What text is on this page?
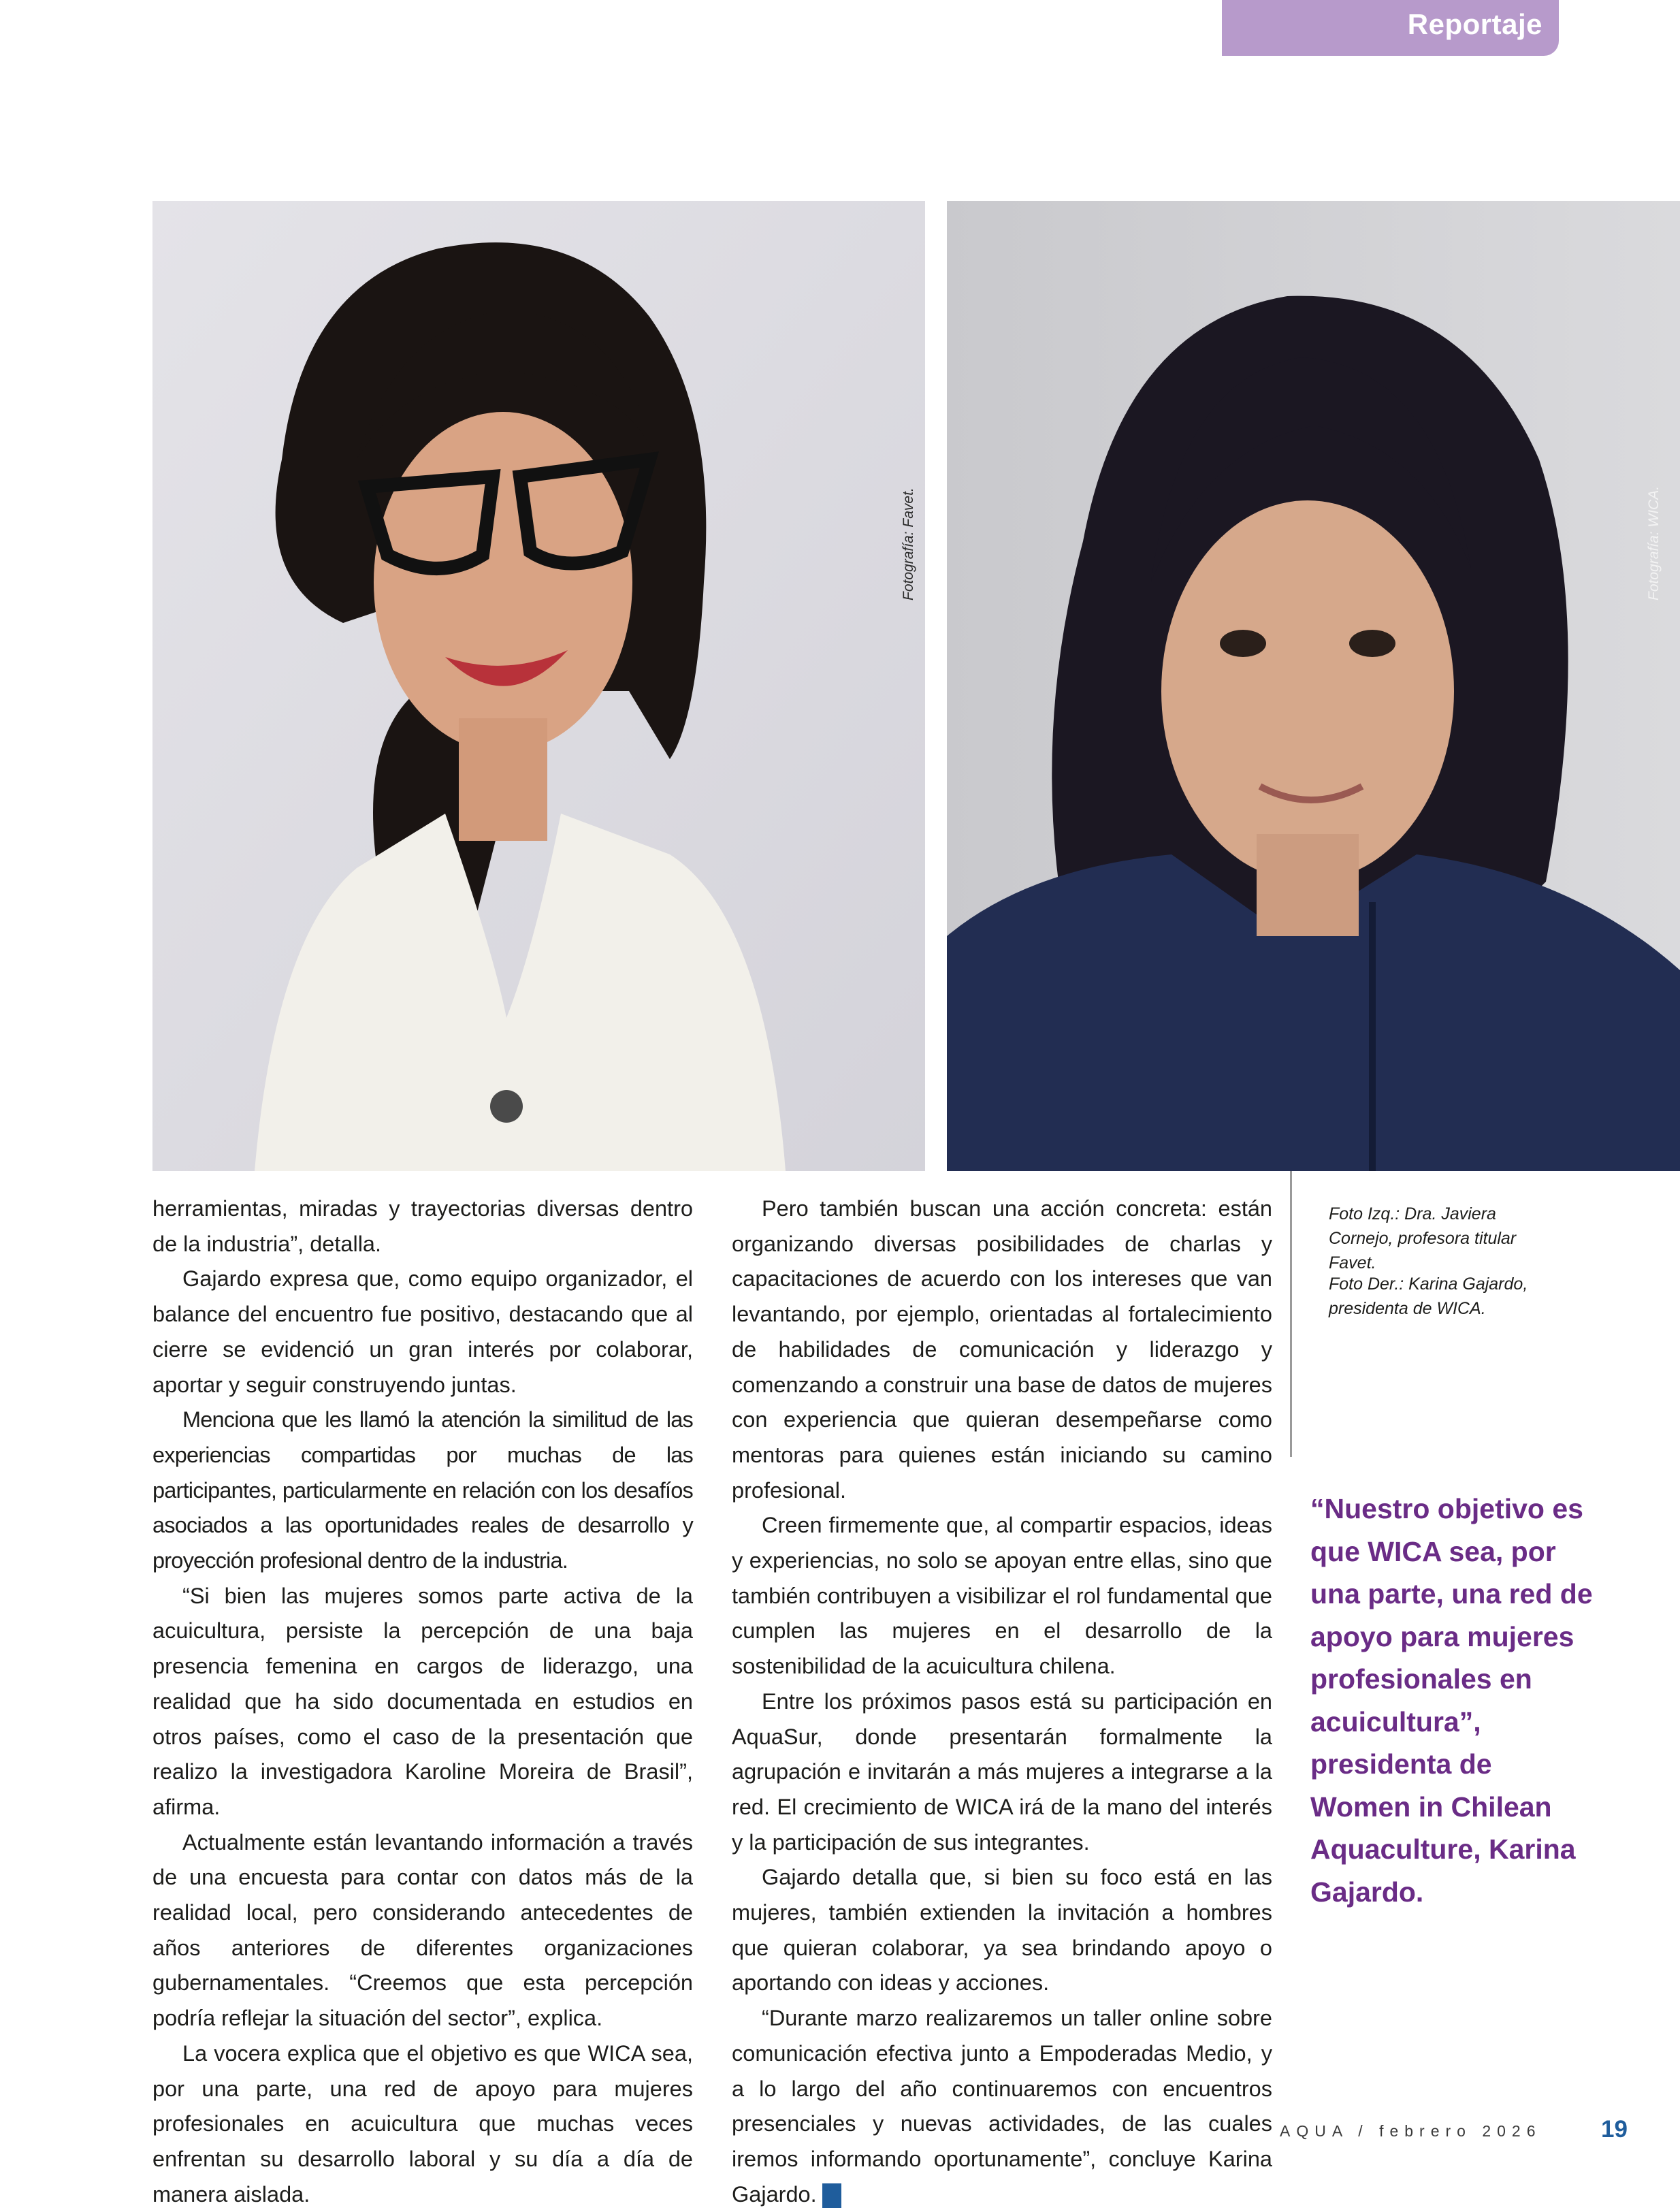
Reportaje
Fotografía: Favet.	Fotografía: WICA.

herramientas, miradas y trayectorias diversas dentro de la industria”, detalla.

Gajardo expresa que, como equipo organizador, el balance del encuentro fue positivo, destacando que al cierre se evidenció un gran interés por colaborar, aportar y seguir construyendo juntas.

Menciona que les llamó la atención la similitud de las experiencias compartidas por muchas de las participantes, particularmente en relación con los desafíos asociados a las oportunidades reales de desarrollo y proyección profesional dentro de la industria.

“Si bien las mujeres somos parte activa de la acuicultura, persiste la percepción de una baja presencia femenina en cargos de liderazgo, una realidad que ha sido documentada en estudios en otros países, como el caso de la presentación que realizo la investigadora Karoline Moreira de Brasil”, afirma.

Actualmente están levantando información a través de una encuesta para contar con datos más de la realidad local, pero considerando antecedentes de años anteriores de diferentes organizaciones gubernamentales. “Creemos que esta percepción podría reflejar la situación del sector”, explica.

La vocera explica que el objetivo es que WICA sea, por una parte, una red de apoyo para mujeres profesionales en acuicultura que muchas veces enfrentan su desarrollo laboral y su día a día de manera aislada.

Pero también buscan una acción concreta: están organizando diversas posibilidades de charlas y capacitaciones de acuerdo con los intereses que van levantando, por ejemplo, orientadas al fortalecimiento de habilidades de comunicación y liderazgo y comenzando a construir una base de datos de mujeres con experiencia que quieran desempeñarse como mentoras para quienes están iniciando su camino profesional.

Creen firmemente que, al compartir espacios, ideas y experiencias, no solo se apoyan entre ellas, sino que también contribuyen a visibilizar el rol fundamental que cumplen las mujeres en el desarrollo de la sostenibilidad de la acuicultura chilena.

Entre los próximos pasos está su participación en AquaSur, donde presentarán formalmente la agrupación e invitarán a más mujeres a integrarse a la red. El crecimiento de WICA irá de la mano del interés y la participación de sus integrantes.

Gajardo detalla que, si bien su foco está en las mujeres, también extienden la invitación a hombres que quieran colaborar, ya sea brindando apoyo o aportando con ideas y acciones.

“Durante marzo realizaremos un taller online sobre comunicación efectiva junto a Empoderadas Medio, y a lo largo del año continuaremos con encuentros presenciales y nuevas actividades, de las cuales iremos informando oportunamente”, concluye Karina Gajardo. Q

Foto Izq.: Dra. Javiera Cornejo, profesora titular Favet.
Foto Der.: Karina Gajardo, presidenta de WICA.
“Nuestro objetivo es que WICA sea, por una parte, una red de apoyo para mujeres profesionales en acuicultura”, presidenta de Women in Chilean Aquaculture, Karina Gajardo.
AQUA / febrero 2026 19
